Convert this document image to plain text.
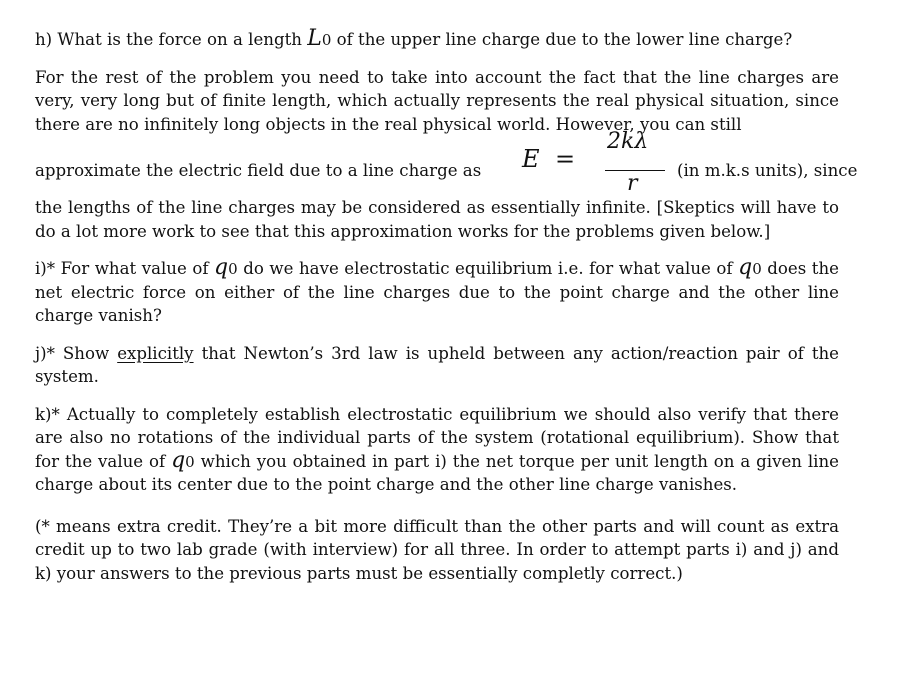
h) What is the force on a length L0 of the upper line charge due to the lower line charge?

For the rest of the problem you need to take into account the fact that the line charges are very, very long but of finite length, which actually represents the real physical situation, since there are no infinitely long objects in the real physical world. However, you can still

approximate the electric field due to a line charge as E =
2kλ
r
(in m.k.s units), since

the lengths of the line charges may be considered as essentially infinite. [Skeptics will have to do a lot more work to see that this approximation works for the problems given below.]

i)* For what value of q0 do we have electrostatic equilibrium i.e. for what value of q0 does the net electric force on either of the line charges due to the point charge and the other line charge vanish?

j)* Show explicitly that Newton’s 3rd law is upheld between any action/reaction pair of the system.

k)* Actually to completely establish electrostatic equilibrium we should also verify that there are also no rotations of the individual parts of the system (rotational equilibrium). Show that for the value of q0 which you obtained in part i) the net torque per unit length on a given line charge about its center due to the point charge and the other line charge vanishes.

(* means extra credit. They’re a bit more difficult than the other parts and will count as extra credit up to two lab grade (with interview) for all three. In order to attempt parts i) and j) and k) your answers to the previous parts must be essentially completly correct.)
